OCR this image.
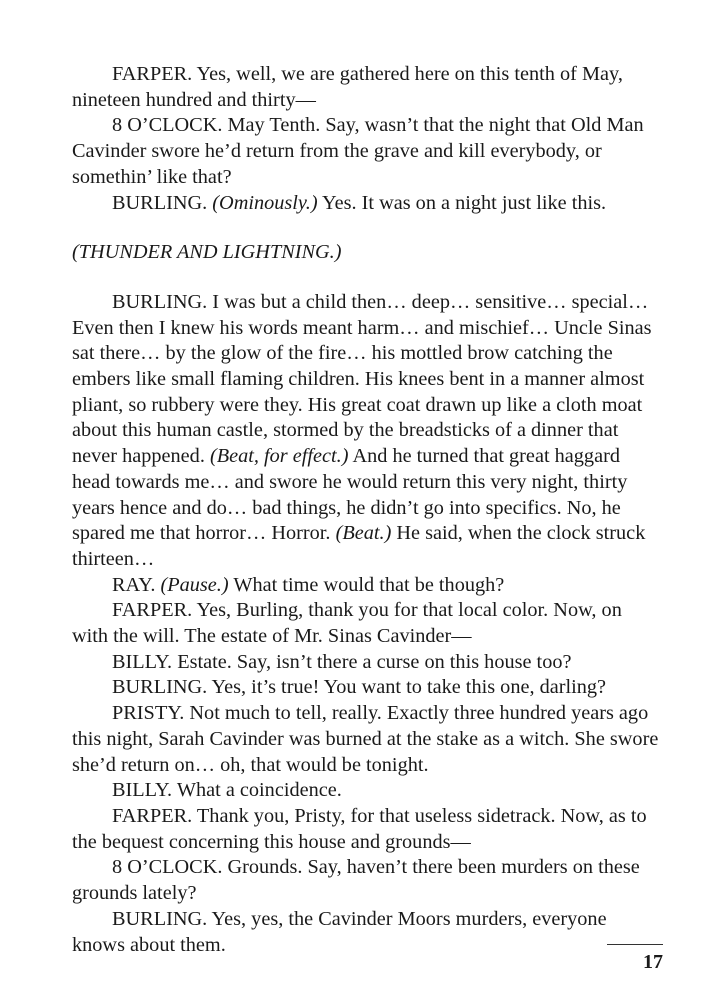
FARPER. Yes, well, we are gathered here on this tenth of May, nineteen hundred and thirty—

8 O’CLOCK. May Tenth. Say, wasn’t that the night that Old Man Cavinder swore he’d return from the grave and kill everybody, or somethin’ like that?

BURLING. (Ominously.) Yes. It was on a night just like this.

(THUNDER AND LIGHTNING.)

BURLING. I was but a child then… deep… sensitive… special… Even then I knew his words meant harm… and mischief… Uncle Sinas sat there… by the glow of the fire… his mottled brow catching the embers like small flaming children. His knees bent in a manner almost pliant, so rubbery were they. His great coat drawn up like a cloth moat about this human castle, stormed by the breadsticks of a dinner that never happened. (Beat, for effect.) And he turned that great haggard head towards me… and swore he would return this very night, thirty years hence and do… bad things, he didn’t go into specifics. No, he spared me that horror… Horror. (Beat.) He said, when the clock struck thirteen…

RAY. (Pause.) What time would that be though?

FARPER. Yes, Burling, thank you for that local color. Now, on with the will. The estate of Mr. Sinas Cavinder—

BILLY. Estate. Say, isn’t there a curse on this house too?

BURLING. Yes, it’s true! You want to take this one, darling?

PRISTY. Not much to tell, really. Exactly three hundred years ago this night, Sarah Cavinder was burned at the stake as a witch. She swore she’d return on… oh, that would be tonight.

BILLY. What a coincidence.

FARPER. Thank you, Pristy, for that useless sidetrack. Now, as to the bequest concerning this house and grounds—

8 O’CLOCK. Grounds. Say, haven’t there been murders on these grounds lately?

BURLING. Yes, yes, the Cavinder Moors murders, everyone knows about them.

17
